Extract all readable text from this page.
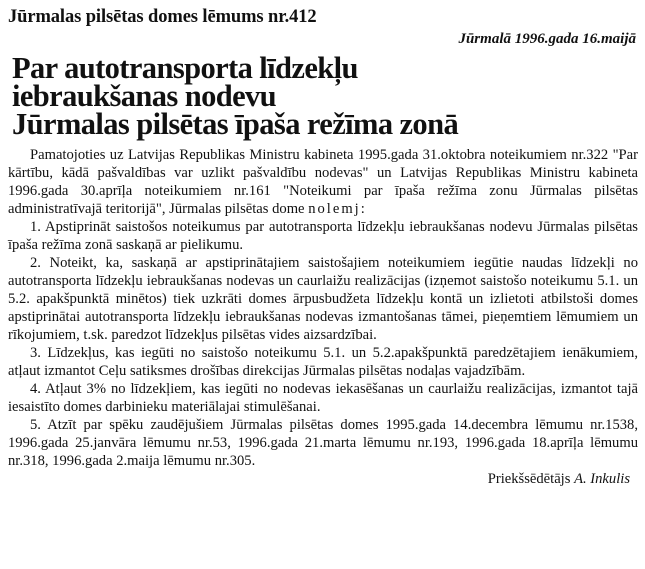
Jūrmalas pilsētas domes lēmums nr.412

Jūrmalā 1996.gada 16.maijā

Par autotransporta līdzekļu
iebraukšanas nodevu
Jūrmalas pilsētas īpaša režīma zonā

Pamatojoties uz Latvijas Republikas Ministru kabineta 1995.gada 31.oktobra noteikumiem nr.322 "Par kārtību, kādā pašvaldības var uzlikt pašvaldību nodevas" un Latvijas Republikas Ministru kabineta 1996.gada 30.aprīļa noteikumiem nr.161 "Noteikumi par īpaša režīma zonu Jūrmalas pilsētas administratīvajā teritorijā", Jūrmalas pilsētas dome nolemj:

1. Apstiprināt saistošos noteikumus par autotransporta līdzekļu iebraukšanas nodevu Jūrmalas pilsētas īpaša režīma zonā saskaņā ar pielikumu.

2. Noteikt, ka, saskaņā ar apstiprinātajiem saistošajiem noteikumiem iegūtie naudas līdzekļi no autotransporta līdzekļu iebraukšanas nodevas un caurlaižu realizācijas (izņemot saistošo noteikumu 5.1. un 5.2. apakšpunktā minētos) tiek uzkrāti domes ārpusbudžeta līdzekļu kontā un izlietoti atbilstoši domes apstiprinātai autotransporta līdzekļu iebraukšanas nodevas izmantošanas tāmei, pieņemtiem lēmumiem un rīkojumiem, t.sk. paredzot līdzekļus pilsētas vides aizsardzībai.

3. Līdzekļus, kas iegūti no saistošo noteikumu 5.1. un 5.2.apakšpunktā paredzētajiem ienākumiem, atļaut izmantot Ceļu satiksmes drošības direkcijas Jūrmalas pilsētas nodaļas vajadzībām.

4. Atļaut 3% no līdzekļiem, kas iegūti no nodevas iekasēšanas un caurlaižu realizācijas, izmantot tajā iesaistīto domes darbinieku materiālajai stimulēšanai.

5. Atzīt par spēku zaudējušiem Jūrmalas pilsētas domes 1995.gada 14.decembra lēmumu nr.1538, 1996.gada 25.janvāra lēmumu nr.53, 1996.gada 21.marta lēmumu nr.193, 1996.gada 18.aprīļa lēmumu nr.318, 1996.gada 2.maija lēmumu nr.305.

Priekšsēdētājs A. Inkulis
